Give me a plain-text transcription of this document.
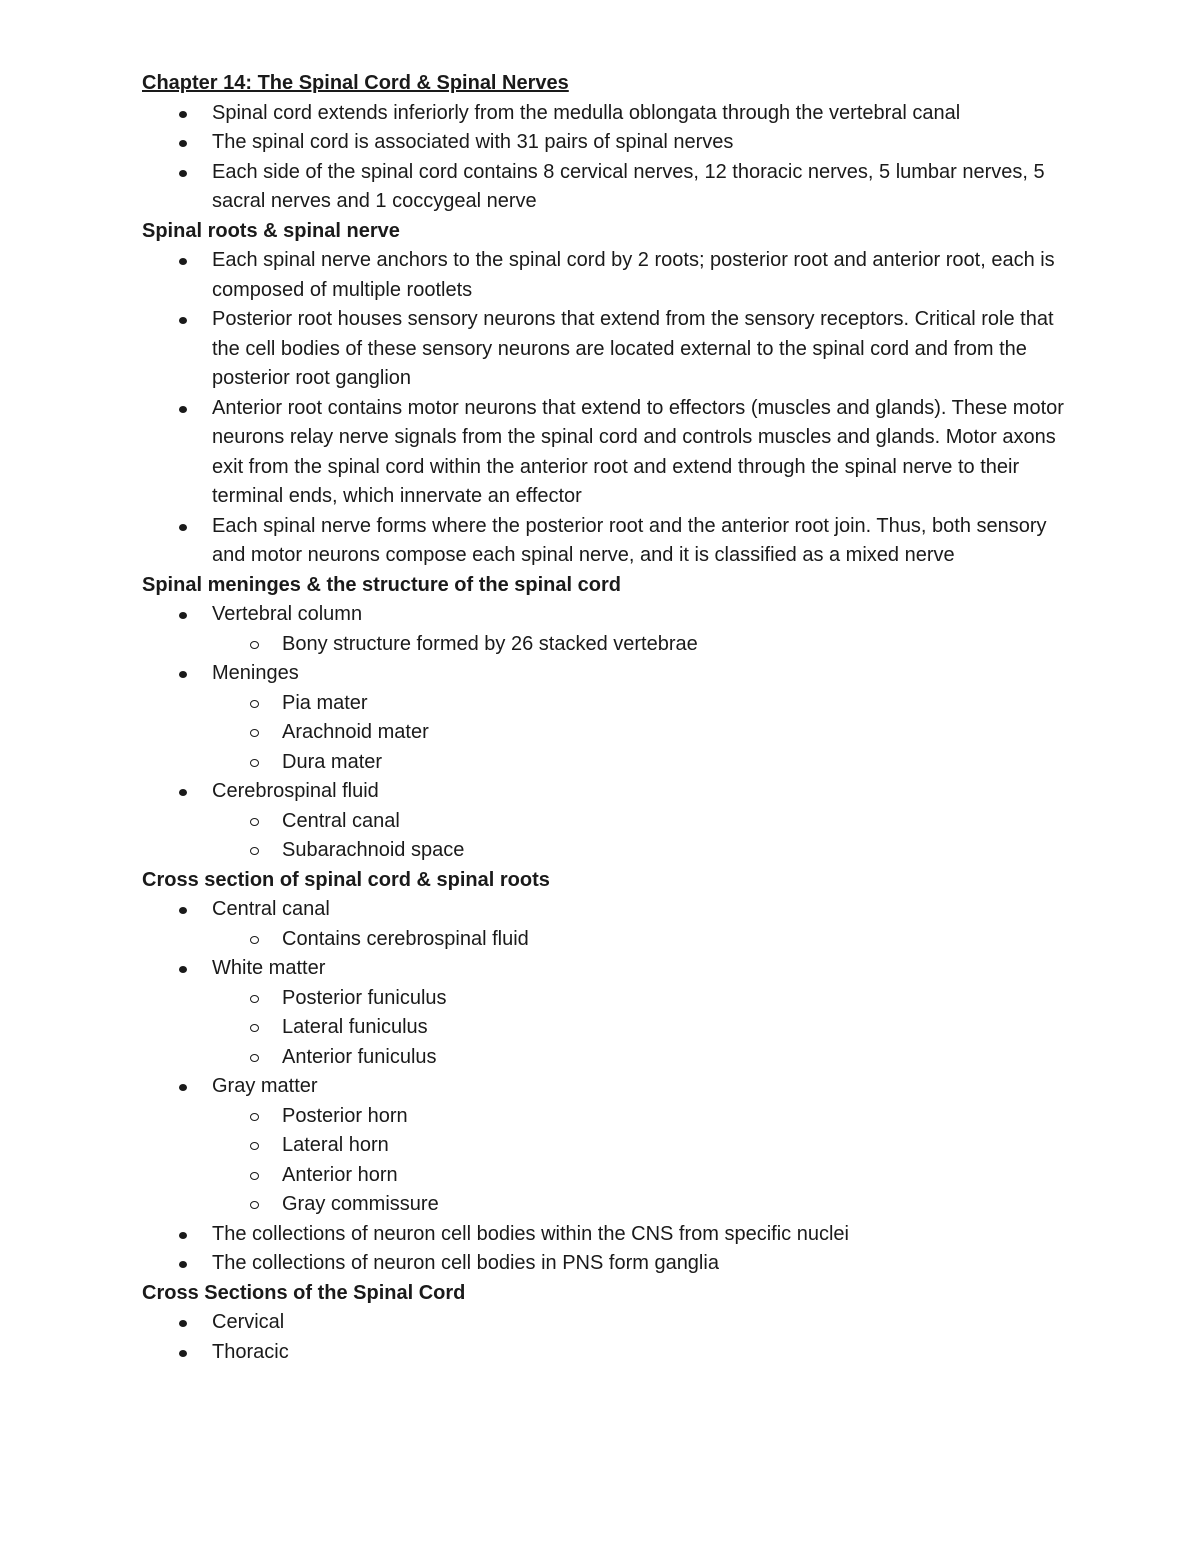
Chapter 14: The Spinal Cord & Spinal Nerves

Spinal cord extends inferiorly from the medulla oblongata through the vertebral canal
The spinal cord is associated with 31 pairs of spinal nerves
Each side of the spinal cord contains 8 cervical nerves, 12 thoracic nerves, 5 lumbar nerves, 5 sacral nerves and 1 coccygeal nerve

Spinal roots & spinal nerve

Each spinal nerve anchors to the spinal cord by 2 roots; posterior root and anterior root, each is composed of multiple rootlets
Posterior root houses sensory neurons that extend from the sensory receptors. Critical role that the cell bodies of these sensory neurons are located external to the spinal cord and from the posterior root ganglion
Anterior root contains motor neurons that extend to effectors (muscles and glands). These motor neurons relay nerve signals from the spinal cord and controls muscles and glands. Motor axons exit from the spinal cord within the anterior root and extend through the spinal nerve to their terminal ends, which innervate an effector
Each spinal nerve forms where the posterior root and the anterior root join. Thus, both sensory and motor neurons compose each spinal nerve, and it is classified as a mixed nerve

Spinal meninges & the structure of the spinal cord

Vertebral column
Bony structure formed by 26 stacked vertebrae
Meninges
Pia mater
Arachnoid mater
Dura mater
Cerebrospinal fluid
Central canal
Subarachnoid space

Cross section of spinal cord & spinal roots

Central canal
Contains cerebrospinal fluid
White matter
Posterior funiculus
Lateral funiculus
Anterior funiculus
Gray matter
Posterior horn
Lateral horn
Anterior horn
Gray commissure
The collections of neuron cell bodies within the CNS from specific nuclei
The collections of neuron cell bodies in PNS form ganglia

Cross Sections of the Spinal Cord

Cervical
Thoracic
